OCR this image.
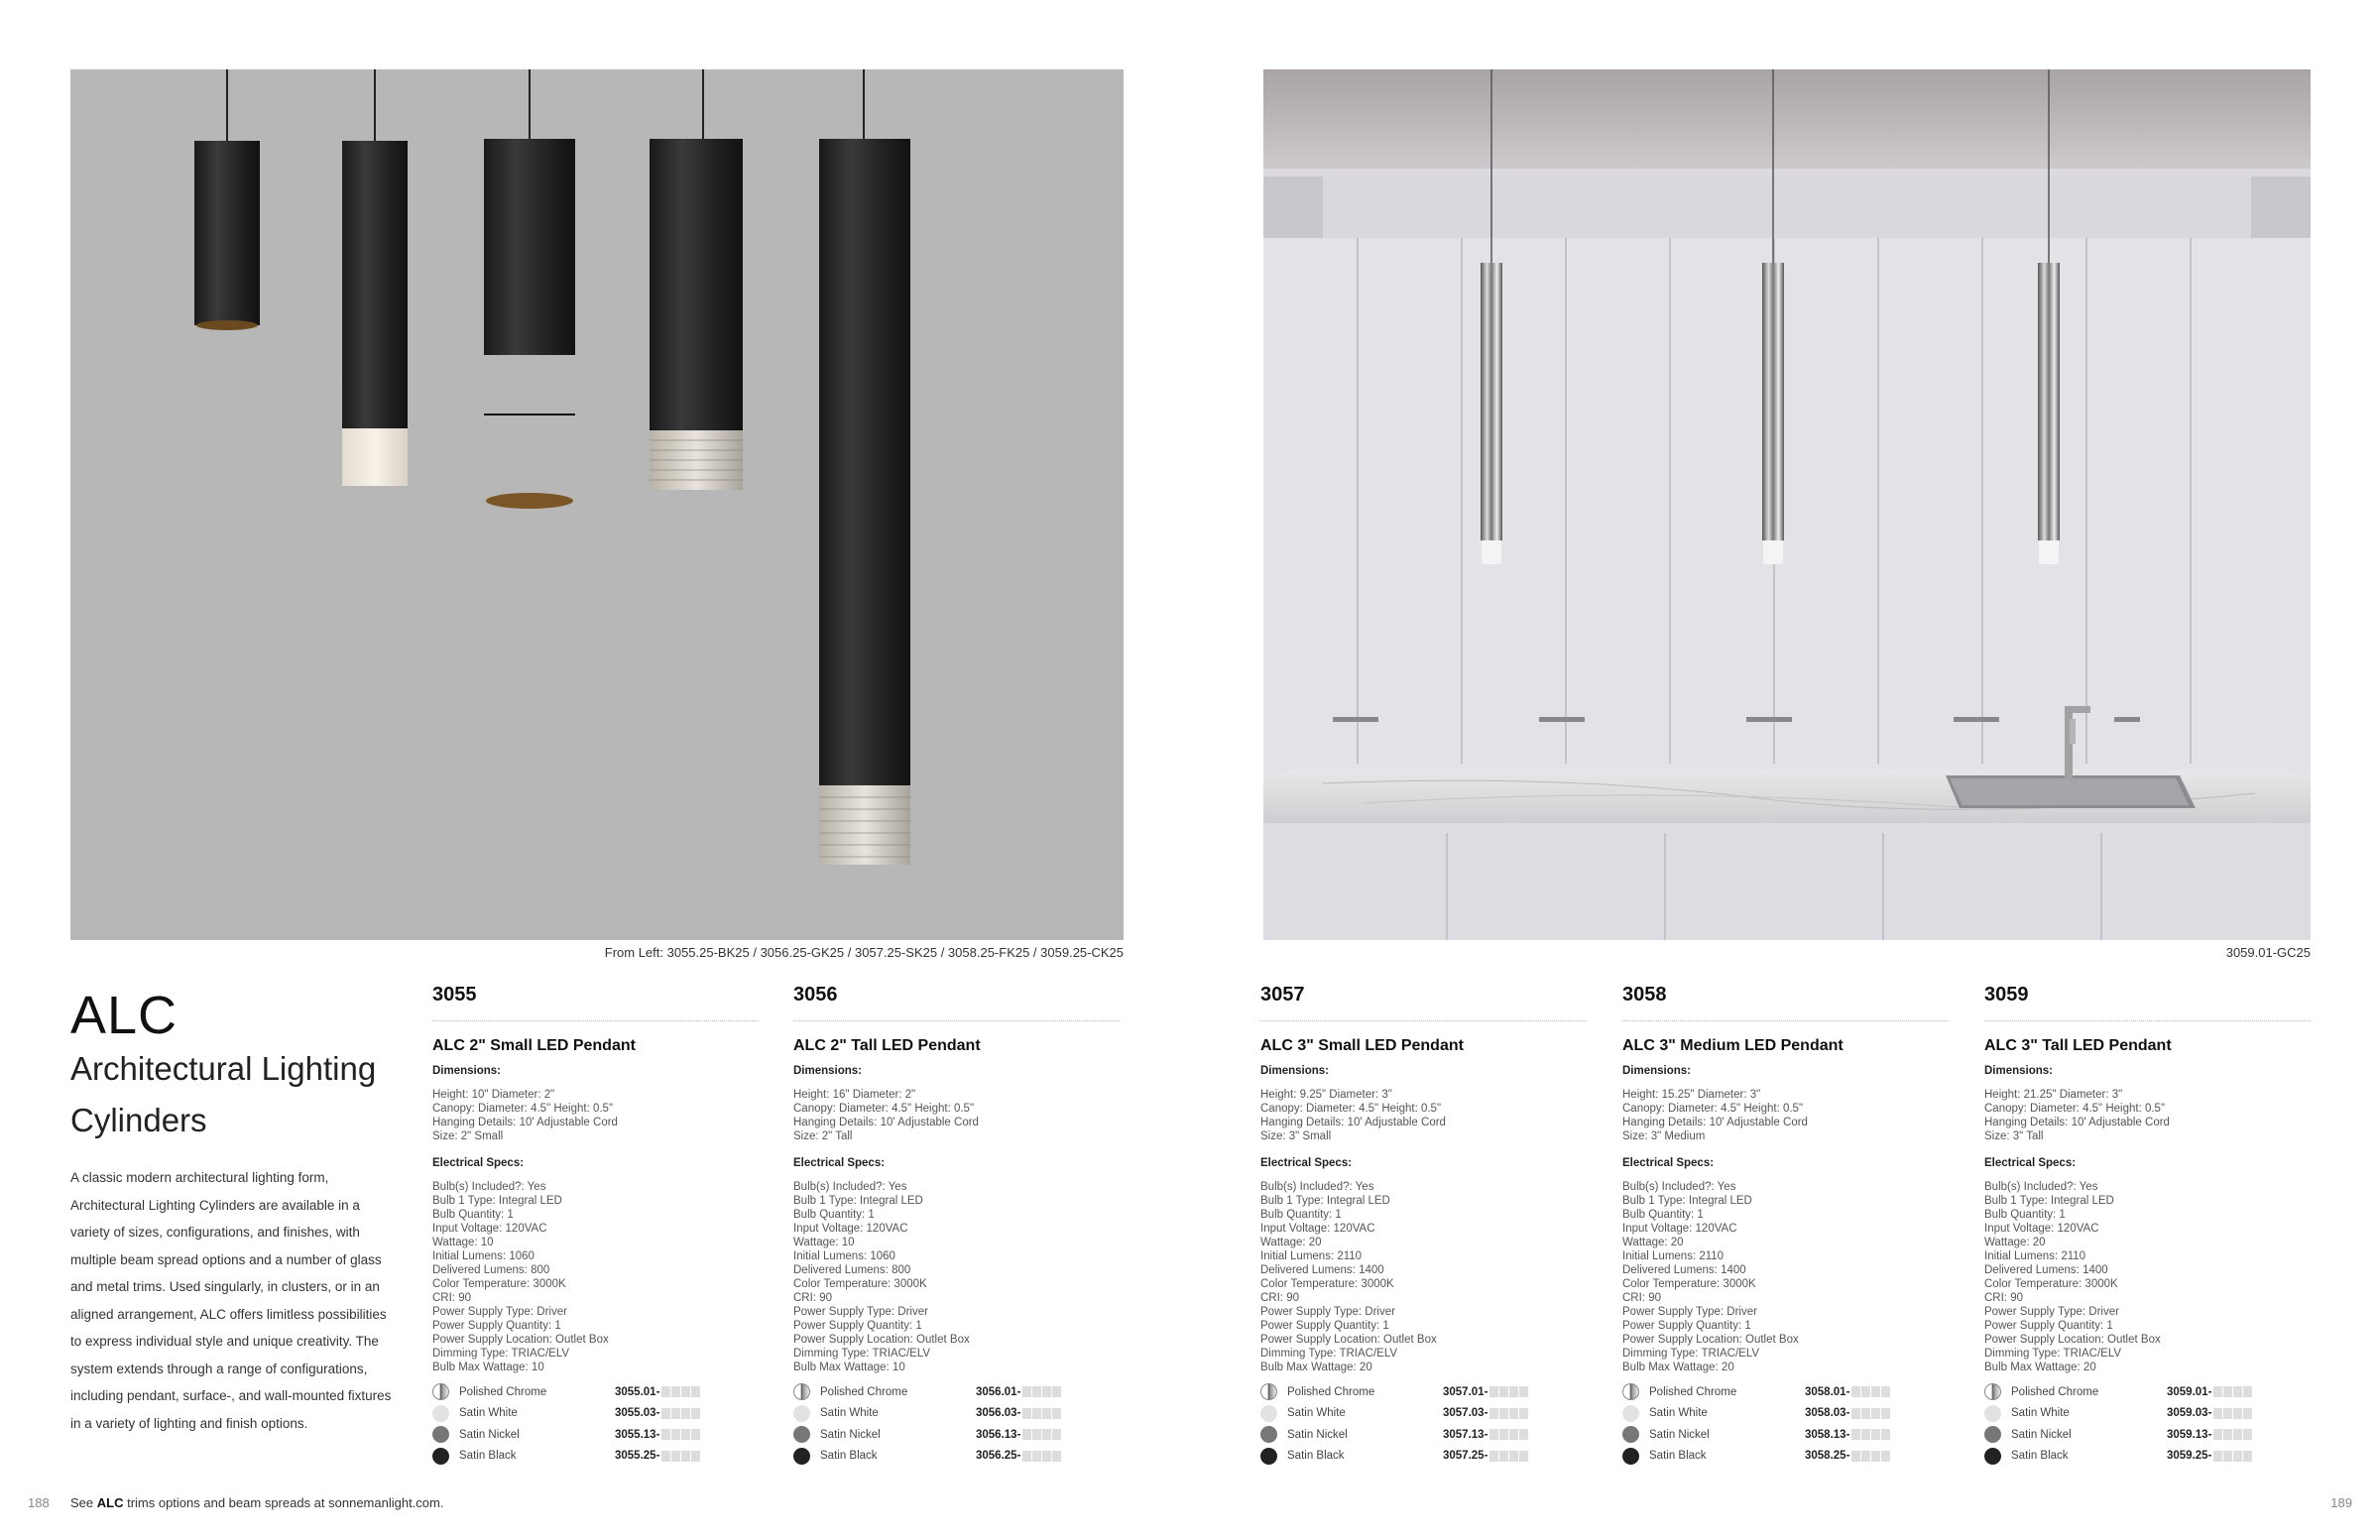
From Left: 3055.25-BK25 / 3056.25-GK25 / 3057.25-SK25 / 3058.25-FK25 / 3059.25-CK25	3059.01-GC25
ALC
Architectural Lighting Cylinders
A classic modern architectural lighting form, Architectural Lighting Cylinders are available in a variety of sizes, configurations, and finishes, with multiple beam spread options and a number of glass and metal trims. Used singularly, in clusters, or in an aligned arrangement, ALC offers limitless possibilities to express individual style and unique creativity. The system extends through a range of configurations, including pendant, surface-, and wall-mounted fixtures in a variety of lighting and finish options.
3055
ALC 2" Small LED Pendant
Dimensions:
Height: 10" Diameter: 2"
Canopy: Diameter: 4.5" Height: 0.5"
Hanging Details: 10' Adjustable Cord
Size: 2" Small
Electrical Specs:
Bulb(s) Included?: Yes
Bulb 1 Type: Integral LED
Bulb Quantity: 1
Input Voltage: 120VAC
Wattage: 10
Initial Lumens: 1060
Delivered Lumens: 800
Color Temperature: 3000K
CRI: 90
Power Supply Type: Driver
Power Supply Quantity: 1
Power Supply Location: Outlet Box
Dimming Type: TRIAC/ELV
Bulb Max Wattage: 10
Polished Chrome	3055.01-
Satin White	3055.03-
Satin Nickel	3055.13-
Satin Black	3055.25-
3056
ALC 2" Tall LED Pendant
Dimensions:
Height: 16" Diameter: 2"
Canopy: Diameter: 4.5" Height: 0.5"
Hanging Details: 10' Adjustable Cord
Size: 2" Tall
Electrical Specs:
Bulb(s) Included?: Yes
Bulb 1 Type: Integral LED
Bulb Quantity: 1
Input Voltage: 120VAC
Wattage: 10
Initial Lumens: 1060
Delivered Lumens: 800
Color Temperature: 3000K
CRI: 90
Power Supply Type: Driver
Power Supply Quantity: 1
Power Supply Location: Outlet Box
Dimming Type: TRIAC/ELV
Bulb Max Wattage: 10
Polished Chrome	3056.01-
Satin White	3056.03-
Satin Nickel	3056.13-
Satin Black	3056.25-
3057
ALC 3" Small LED Pendant
Dimensions:
Height: 9.25" Diameter: 3"
Canopy: Diameter: 4.5" Height: 0.5"
Hanging Details: 10' Adjustable Cord
Size: 3" Small
Electrical Specs:
Bulb(s) Included?: Yes
Bulb 1 Type: Integral LED
Bulb Quantity: 1
Input Voltage: 120VAC
Wattage: 20
Initial Lumens: 2110
Delivered Lumens: 1400
Color Temperature: 3000K
CRI: 90
Power Supply Type: Driver
Power Supply Quantity: 1
Power Supply Location: Outlet Box
Dimming Type: TRIAC/ELV
Bulb Max Wattage: 20
Polished Chrome	3057.01-
Satin White	3057.03-
Satin Nickel	3057.13-
Satin Black	3057.25-
3058
ALC 3" Medium LED Pendant
Dimensions:
Height: 15.25" Diameter: 3"
Canopy: Diameter: 4.5" Height: 0.5"
Hanging Details: 10' Adjustable Cord
Size: 3" Medium
Electrical Specs:
Bulb(s) Included?: Yes
Bulb 1 Type: Integral LED
Bulb Quantity: 1
Input Voltage: 120VAC
Wattage: 20
Initial Lumens: 2110
Delivered Lumens: 1400
Color Temperature: 3000K
CRI: 90
Power Supply Type: Driver
Power Supply Quantity: 1
Power Supply Location: Outlet Box
Dimming Type: TRIAC/ELV
Bulb Max Wattage: 20
Polished Chrome	3058.01-
Satin White	3058.03-
Satin Nickel	3058.13-
Satin Black	3058.25-
3059
ALC 3" Tall LED Pendant
Dimensions:
Height: 21.25" Diameter: 3"
Canopy: Diameter: 4.5" Height: 0.5"
Hanging Details: 10' Adjustable Cord
Size: 3" Tall
Electrical Specs:
Bulb(s) Included?: Yes
Bulb 1 Type: Integral LED
Bulb Quantity: 1
Input Voltage: 120VAC
Wattage: 20
Initial Lumens: 2110
Delivered Lumens: 1400
Color Temperature: 3000K
CRI: 90
Power Supply Type: Driver
Power Supply Quantity: 1
Power Supply Location: Outlet Box
Dimming Type: TRIAC/ELV
Bulb Max Wattage: 20
Polished Chrome	3059.01-
Satin White	3059.03-
Satin Nickel	3059.13-
Satin Black	3059.25-
188	189
See ALC trims options and beam spreads at sonnemanlight.com.
